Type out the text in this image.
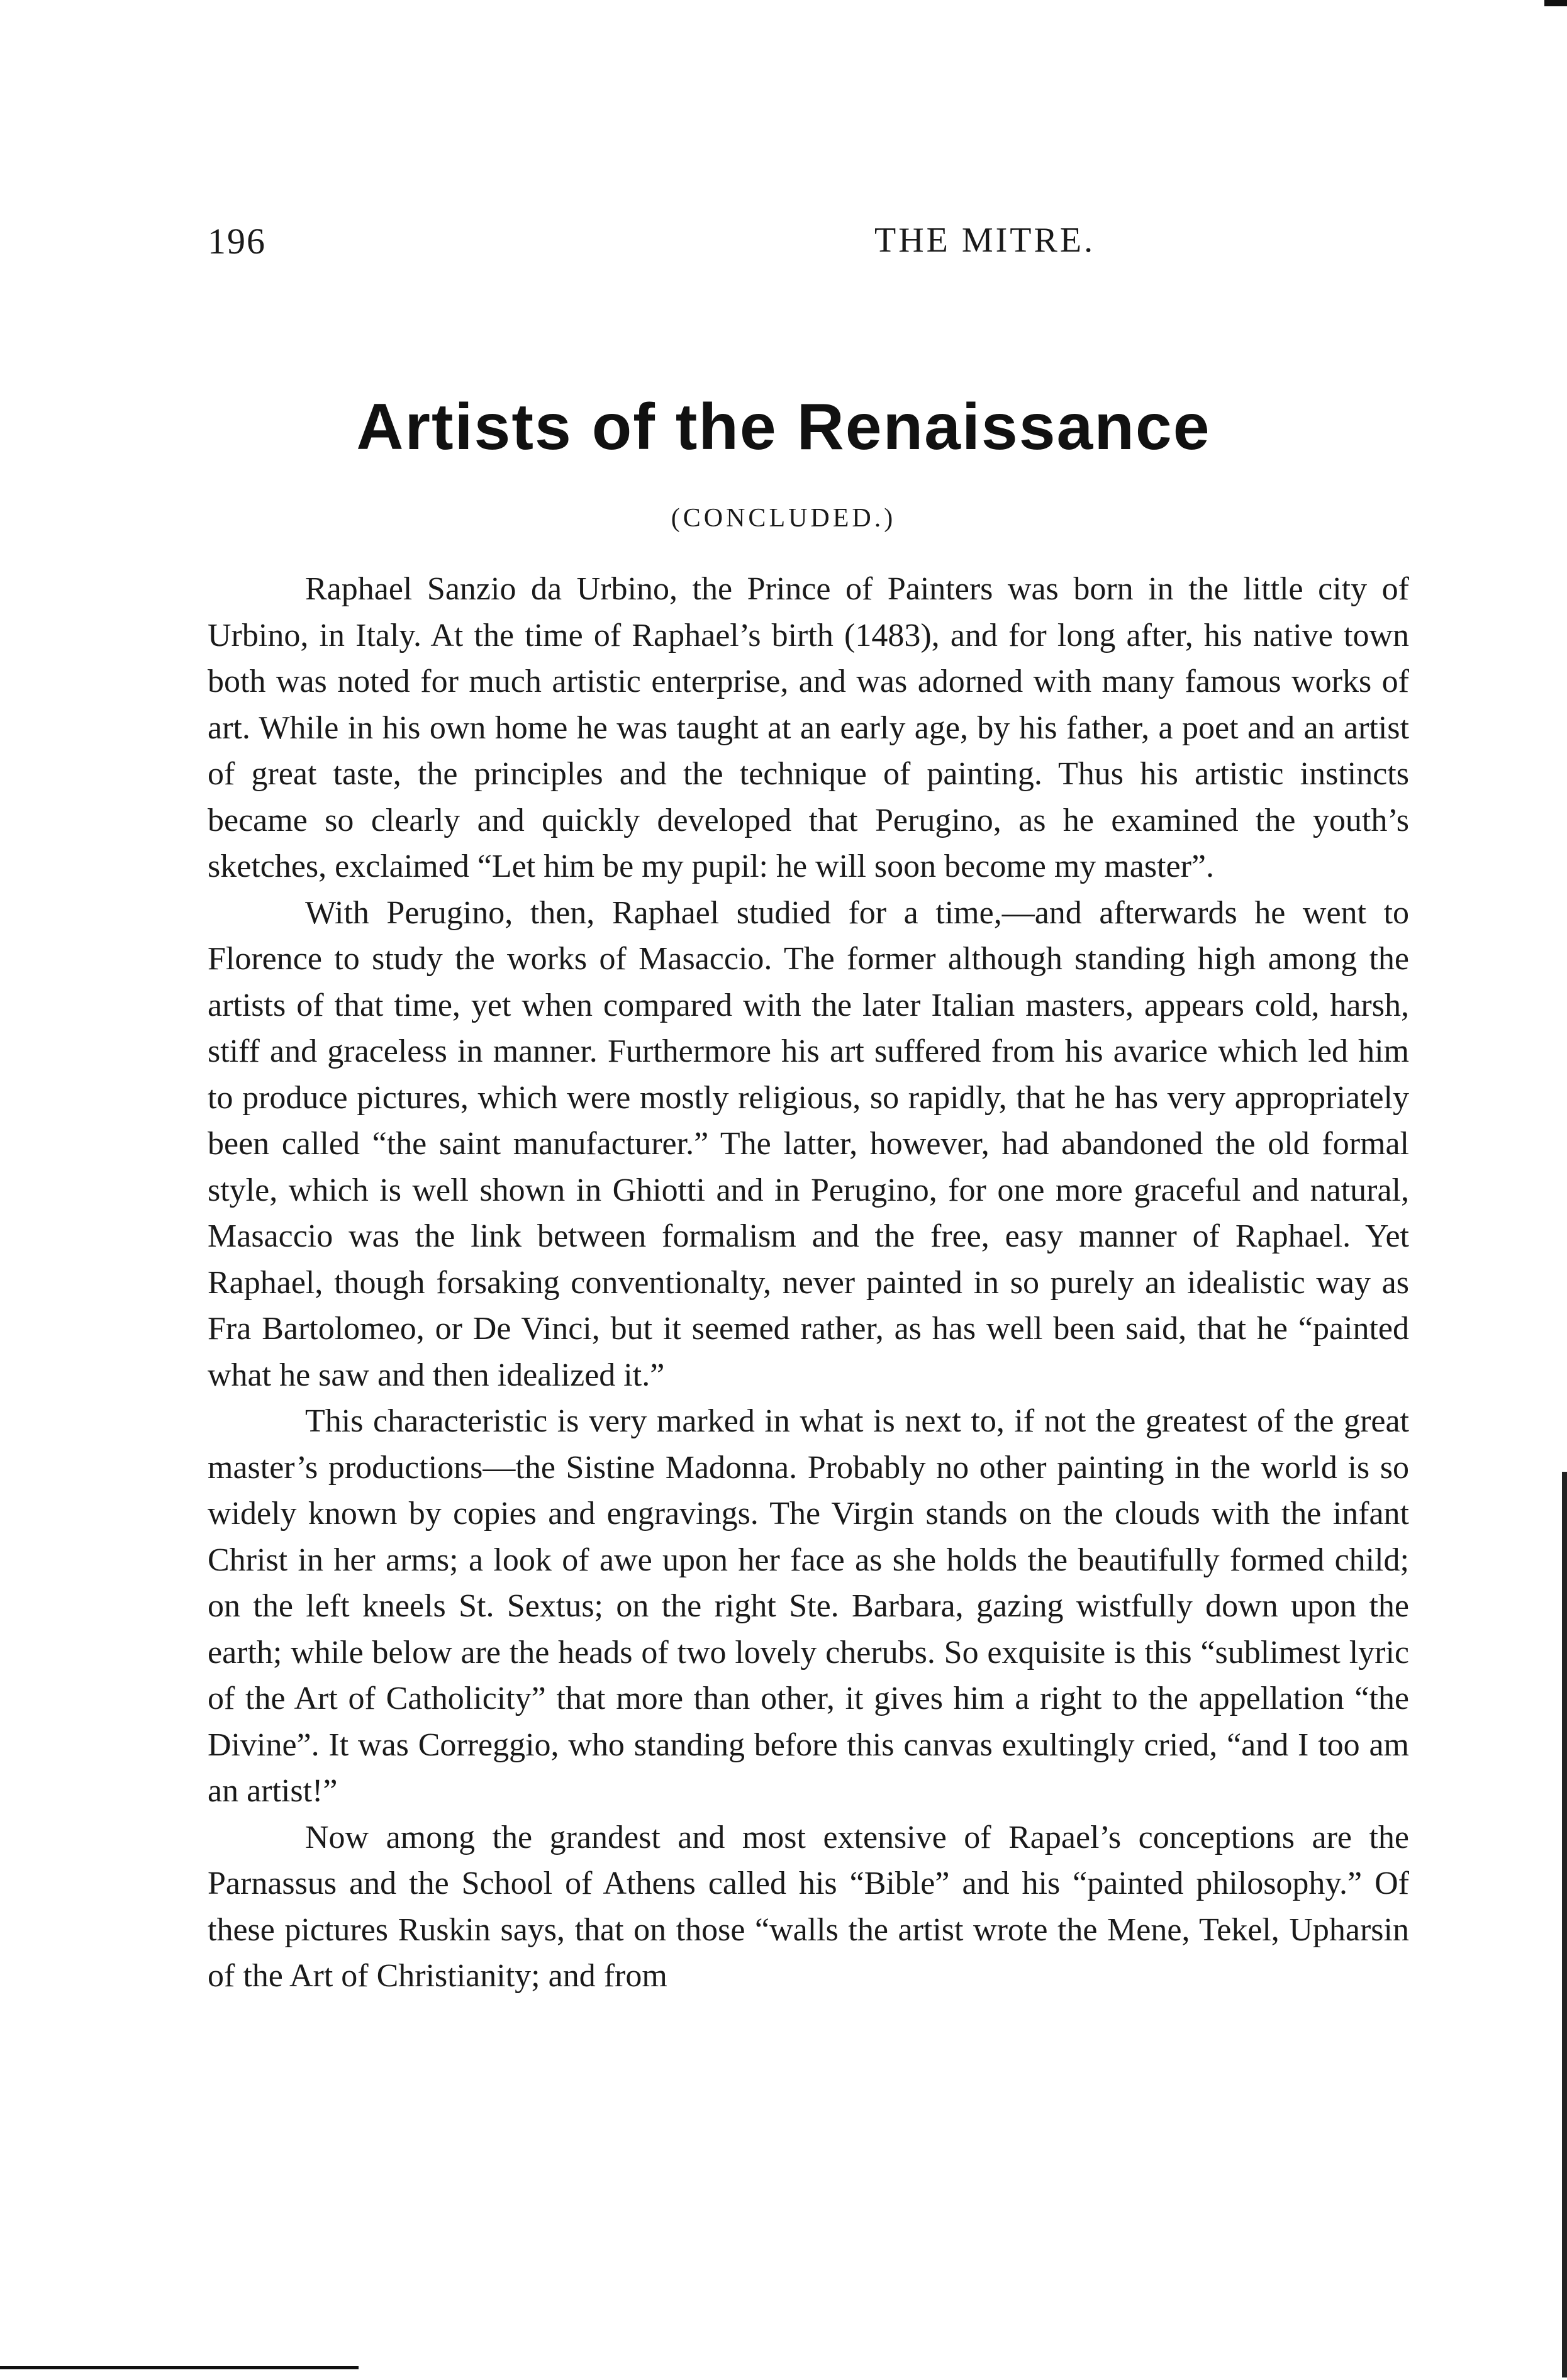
196	THE MITRE.
Artists of the Renaissance
(CONCLUDED.)

Raphael Sanzio da Urbino, the Prince of Painters was born in the little city of Urbino, in Italy. At the time of Raphael’s birth (1483), and for long after, his native town both was noted for much artistic enterprise, and was adorned with many famous works of art. While in his own home he was taught at an early age, by his father, a poet and an artist of great taste, the principles and the technique of painting. Thus his artistic instincts became so clearly and quickly developed that Perugino, as he examined the youth’s sketches, exclaimed “Let him be my pupil: he will soon become my master”.

With Perugino, then, Raphael studied for a time,—and afterwards he went to Florence to study the works of Masaccio. The former although standing high among the artists of that time, yet when compared with the later Italian masters, appears cold, harsh, stiff and graceless in manner. Furthermore his art suffered from his avarice which led him to produce pictures, which were mostly religious, so rapidly, that he has very appropriately been called “the saint manufacturer.” The latter, however, had abandoned the old formal style, which is well shown in Ghiotti and in Perugino, for one more graceful and natural, Masaccio was the link between formalism and the free, easy manner of Raphael. Yet Raphael, though forsaking conventionalty, never painted in so purely an idealistic way as Fra Bartolomeo, or De Vinci, but it seemed rather, as has well been said, that he “painted what he saw and then idealized it.”

This characteristic is very marked in what is next to, if not the greatest of the great master’s productions—the Sistine Madonna. Probably no other painting in the world is so widely known by copies and engravings. The Virgin stands on the clouds with the infant Christ in her arms; a look of awe upon her face as she holds the beautifully formed child; on the left kneels St. Sextus; on the right Ste. Barbara, gazing wistfully down upon the earth; while below are the heads of two lovely cherubs. So exquisite is this “sublimest lyric of the Art of Catholicity” that more than other, it gives him a right to the appellation “the Divine”. It was Correggio, who standing before this canvas exultingly cried, “and I too am an artist!”

Now among the grandest and most extensive of Rapael’s conceptions are the Parnassus and the School of Athens called his “Bible” and his “painted philosophy.” Of these pictures Ruskin says, that on those “walls the artist wrote the Mene, Tekel, Upharsin of the Art of Christianity; and from
